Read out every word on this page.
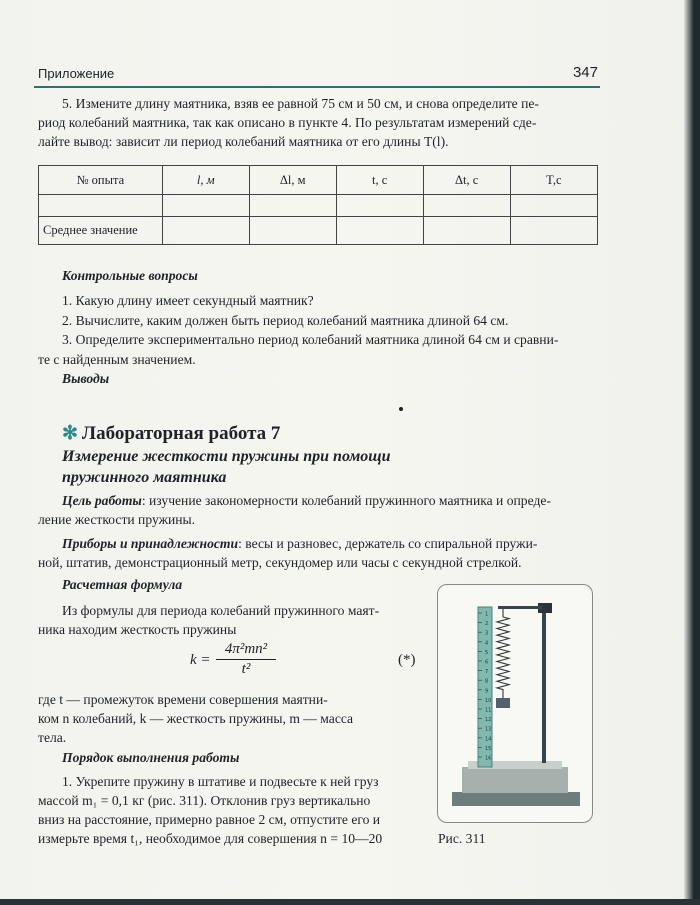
Приложение	347
5. Измените длину маятника, взяв ее равной 75 см и 50 см, и снова определите пе-
риод колебаний маятника, так как описано в пункте 4. По результатам измерений сде-
лайте вывод: зависит ли период колебаний маятника от его длины T(l).
№ опыта	l, м	Δl, м	t, с	Δt, с	T,с

Среднее значение					
Контрольные вопросы
1. Какую длину имеет секундный маятник?
2. Вычислите, каким должен быть период колебаний маятника длиной 64 см.
3. Определите экспериментально период колебаний маятника длиной 64 см и сравни-
те с найденным значением.
Выводы
✻ Лабораторная работа 7
Измерение жесткости пружины при помощи
пружинного маятника
Цель работы: изучение закономерности колебаний пружинного маятника и опреде-
ление жесткости пружины.
Приборы и принадлежности: весы и разновес, держатель со спиральной пружи-
ной, штатив, демонстрационный метр, секундомер или часы с секундной стрелкой.
Расчетная формула
Из формулы для периода колебаний пружинного маят-
ника находим жесткость пружины
k =
4π²mn²
t²
(*)
где t — промежуток времени совершения маятни-
ком n колебаний, k — жесткость пружины, m — масса
тела.
Порядок выполнения работы
1. Укрепите пружину в штативе и подвесьте к ней груз
массой m₁ = 0,1 кг (рис. 311). Отклонив груз вертикально
вниз на расстояние, примерно равное 2 см, отпустите его и
измерьте время t₁, необходимое для совершения n = 10—20
1
2
3
4
5
6
7
8
9
10
11
12
13
14
15
16
Рис. 311
